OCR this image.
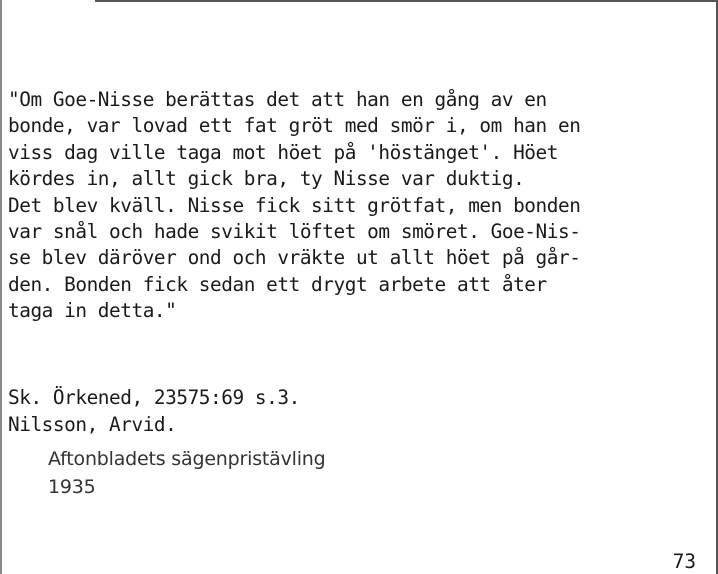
"Om Goe-Nisse berättas det att han en gång av en
bonde, var lovad ett fat gröt med smör i, om han en
viss dag ville taga mot höet på 'höstänget'. Höet
kördes in, allt gick bra, ty Nisse var duktig.
Det blev kväll. Nisse fick sitt grötfat, men bonden
var snål och hade svikit löftet om smöret. Goe-Nis-
se blev däröver ond och vräkte ut allt höet på går-
den. Bonden fick sedan ett drygt arbete att åter
taga in detta."
Sk. Örkened, 23575:69 s.3.
Nilsson, Arvid.
Aftonbladets sägenpristävling
1935
73
